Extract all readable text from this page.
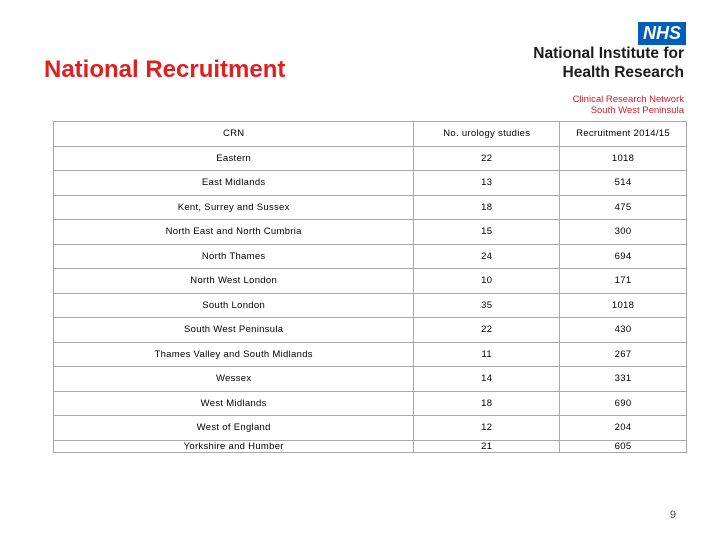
National Recruitment
NHS
National Institute for
Health Research
Clinical Research Network
South West Peninsula
CRN	No. urology studies	Recruitment 2014/15
Eastern	22	1018
East Midlands	13	514
Kent, Surrey and Sussex	18	475
North East and North Cumbria	15	300
North Thames	24	694
North West London	10	171
South London	35	1018
South West Peninsula	22	430
Thames Valley and South Midlands	11	267
Wessex	14	331
West Midlands	18	690
West of England	12	204
Yorkshire and Humber	21	605
9
